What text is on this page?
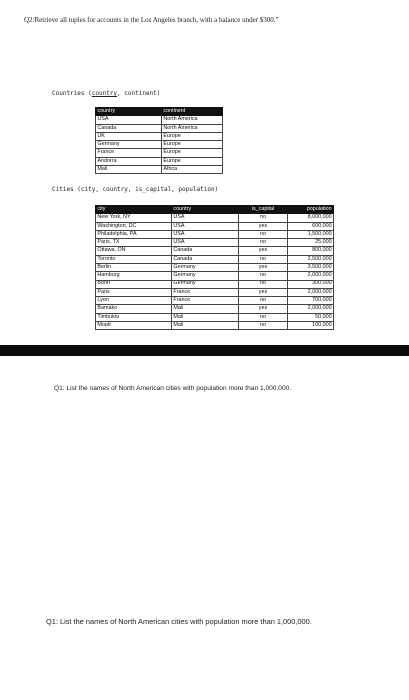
Q2:Retrieve all tuples for accounts in the Los Angeles branch, with a balance under $300.”
Countries (country, continent)
country	continent
USA	North America
Canada	North America
UK	Europe
Germany	Europe
France	Europe
Andorra	Europe
Mali	Africa
Cities (city, country, is_capital, population)
city	country	is_capital	population
New York, NY	USA	no	8,000,000
Washington, DC	USA	yes	600,000
Philadelphia, PA	USA	no	1,500,000
Paris, TX	USA	no	25,000
Ottawa, ON	Canada	yes	800,000
Toronto	Canada	no	2,500,000
Berlin	Germany	yes	3,500,000
Hamburg	Germany	no	2,000,000
Bonn	Germany	no	300,000
Paris	France	yes	2,000,000
Lyon	France	no	700,000
Bamako	Mali	yes	2,000,000
Timbuktu	Mali	no	50,000
Mopti	Mali	no	100,000
Q1: List the names of North American cities with population more than 1,000,000.
Q1: List the names of North American cities with population more than 1,000,000.
